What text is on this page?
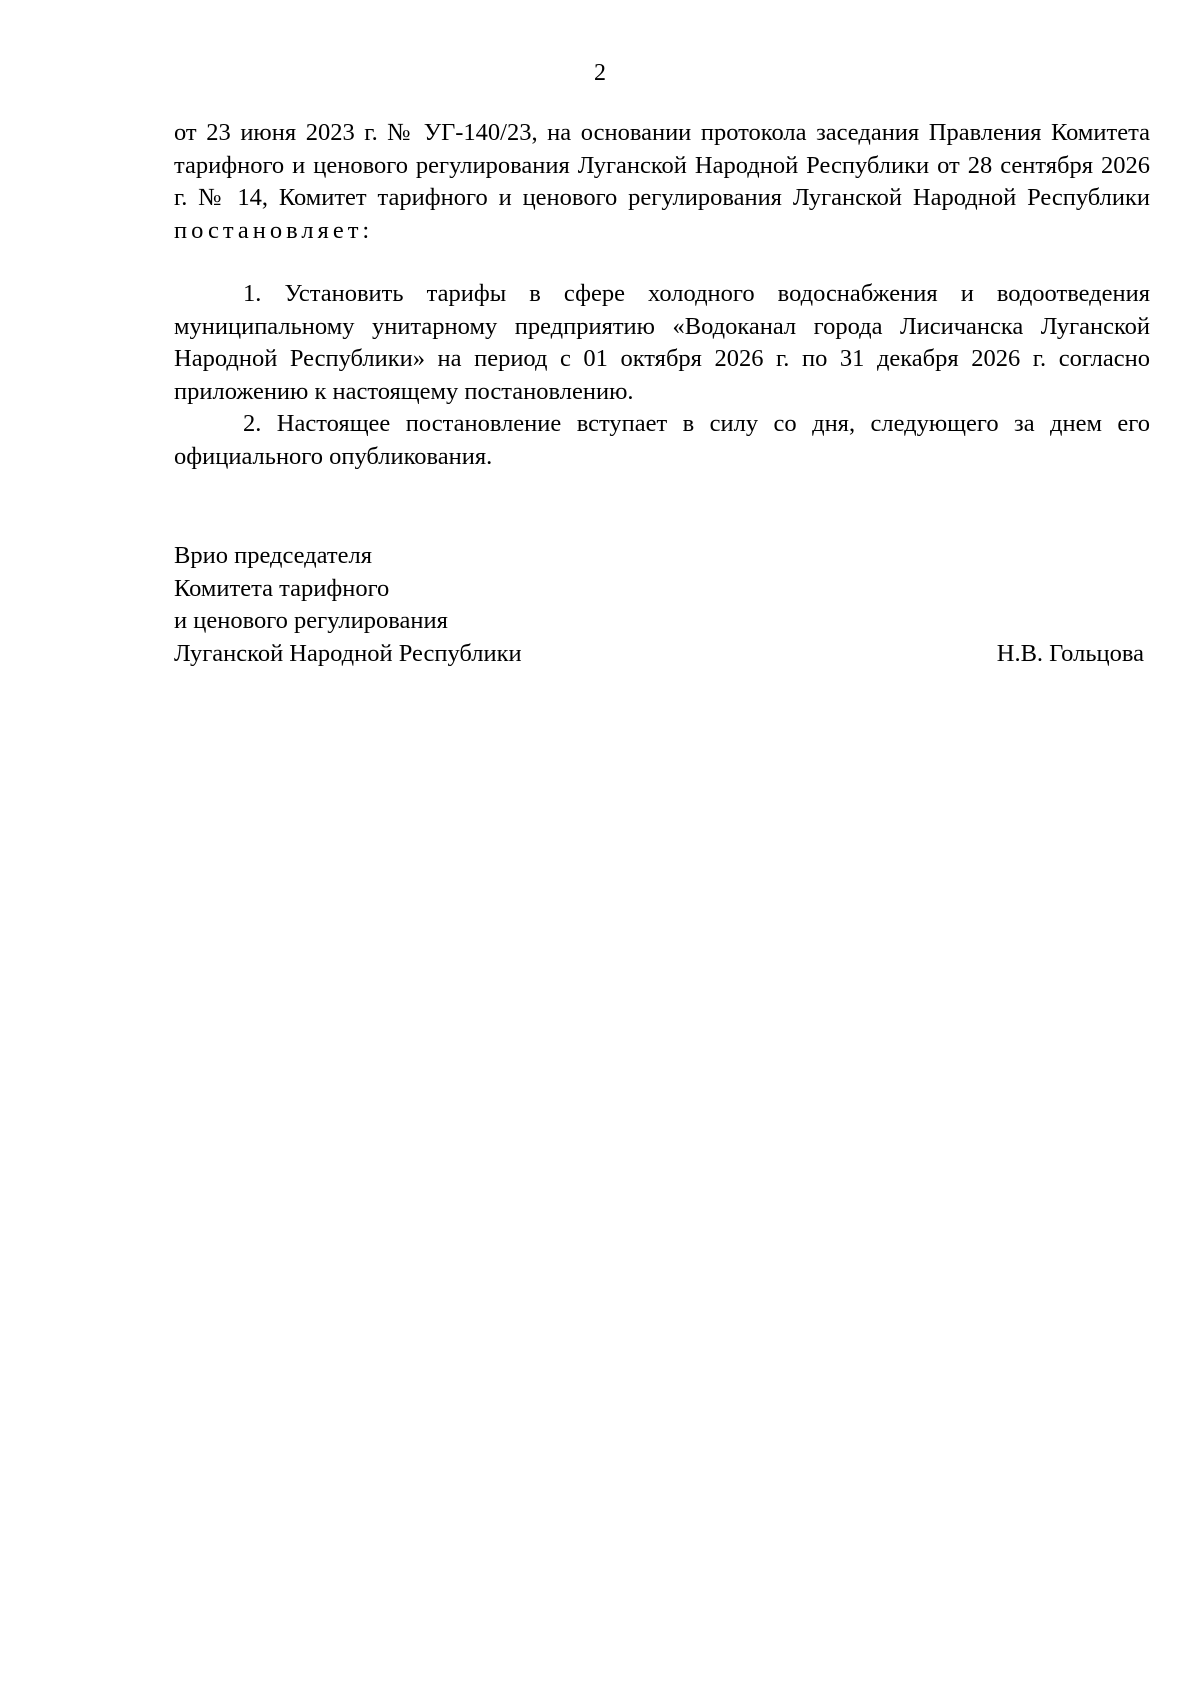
2

от 23 июня 2023 г. № УГ-140/23, на основании протокола заседания Правления Комитета тарифного и ценового регулирования Луганской Народной Республики от 28 сентября 2026 г. № 14, Комитет тарифного и ценового регулирования Луганской Народной Республики постановляет:

1. Установить тарифы в сфере холодного водоснабжения и водоотведения муниципальному унитарному предприятию «Водоканал города Лисичанска Луганской Народной Республики» на период с 01 октября 2026 г. по 31 декабря 2026 г. согласно приложению к настоящему постановлению.

2. Настоящее постановление вступает в силу со дня, следующего за днем его официального опубликования.

Врио председателя
Комитета тарифного
и ценового регулирования
Луганской Народной Республики	Н.В. Гольцова
